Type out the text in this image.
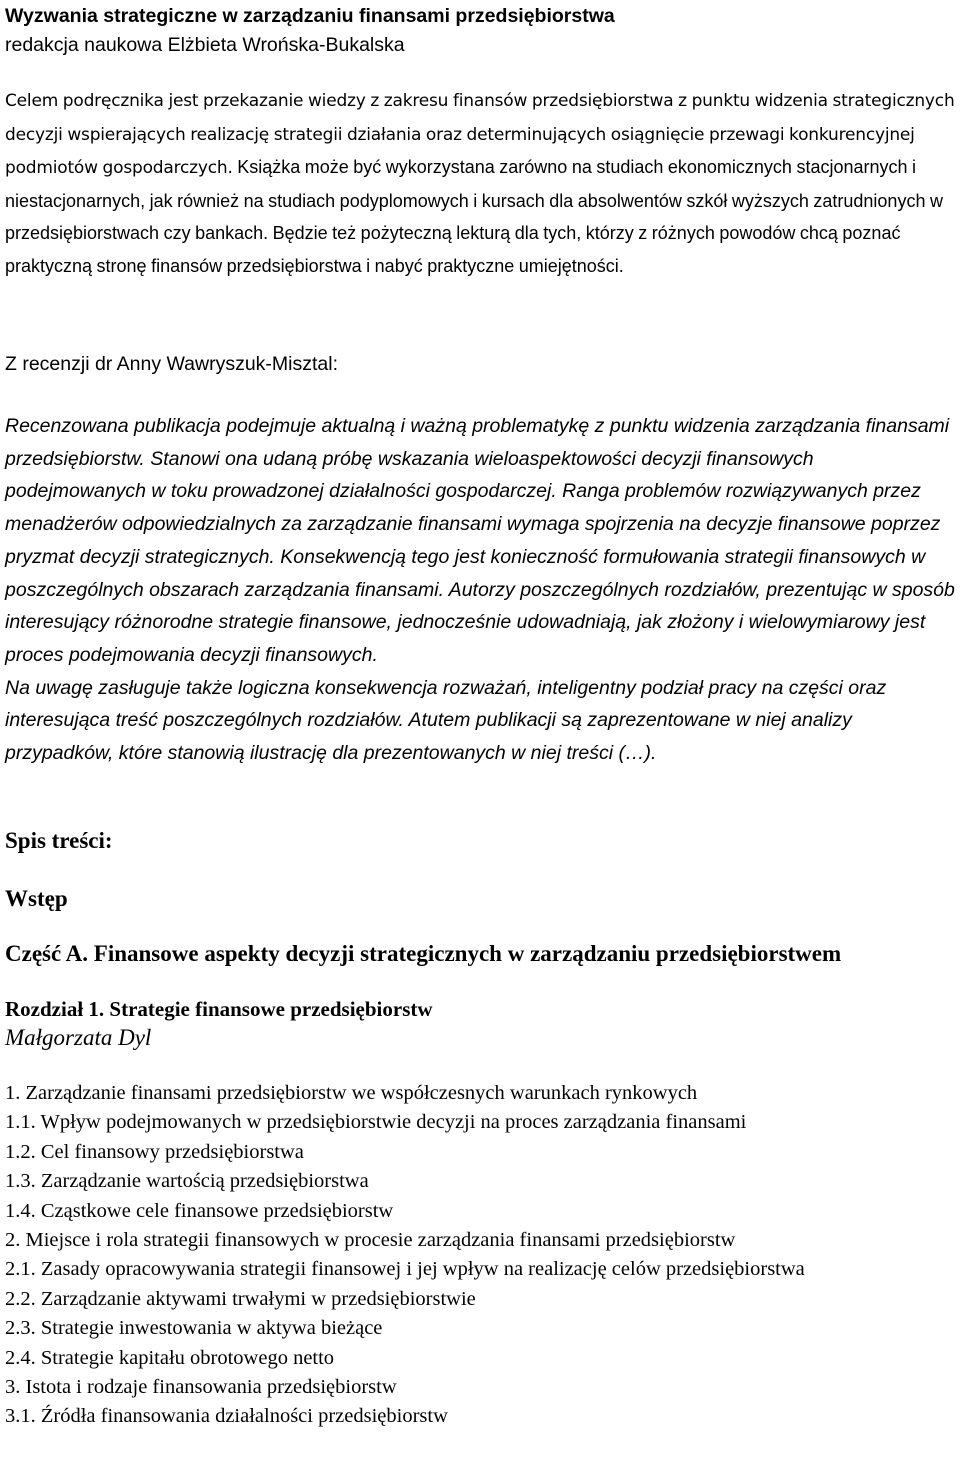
Wyzwania strategiczne w zarządzaniu finansami przedsiębiorstwa
redakcja naukowa Elżbieta Wrońska-Bukalska
Celem podręcznika jest przekazanie wiedzy z zakresu finansów przedsiębiorstwa z punktu widzenia strategicznych decyzji wspierających realizację strategii działania oraz determinujących osiągnięcie przewagi konkurencyjnej podmiotów gospodarczych. Książka może być wykorzystana zarówno na studiach ekonomicznych stacjonarnych i niestacjonarnych, jak również na studiach podyplomowych i kursach dla absolwentów szkół wyższych zatrudnionych w przedsiębiorstwach czy bankach. Będzie też pożyteczną lekturą dla tych, którzy z różnych powodów chcą poznać praktyczną stronę finansów przedsiębiorstwa i nabyć praktyczne umiejętności.
Z recenzji dr Anny Wawryszuk-Misztal:
Recenzowana publikacja podejmuje aktualną i ważną problematykę z punktu widzenia zarządzania finansami przedsiębiorstw. Stanowi ona udaną próbę wskazania wieloaspektowości decyzji finansowych podejmowanych w toku prowadzonej działalności gospodarczej. Ranga problemów rozwiązywanych przez menadżerów odpowiedzialnych za zarządzanie finansami wymaga spojrzenia na decyzje finansowe poprzez pryzmat decyzji strategicznych. Konsekwencją tego jest konieczność formułowania strategii finansowych w poszczególnych obszarach zarządzania finansami. Autorzy poszczególnych rozdziałów, prezentując w sposób interesujący różnorodne strategie finansowe, jednocześnie udowadniają, jak złożony i wielowymiarowy jest proces podejmowania decyzji finansowych.
Na uwagę zasługuje także logiczna konsekwencja rozważań, inteligentny podział pracy na części oraz interesująca treść poszczególnych rozdziałów. Atutem publikacji są zaprezentowane w niej analizy przypadków, które stanowią ilustrację dla prezentowanych w niej treści (…).
Spis treści:
Wstęp
Część A. Finansowe aspekty decyzji strategicznych w zarządzaniu przedsiębiorstwem
Rozdział 1. Strategie finansowe przedsiębiorstw
Małgorzata Dyl
1. Zarządzanie finansami przedsiębiorstw we współczesnych warunkach rynkowych
1.1. Wpływ podejmowanych w przedsiębiorstwie decyzji na proces zarządzania finansami
1.2. Cel finansowy przedsiębiorstwa
1.3. Zarządzanie wartością przedsiębiorstwa
1.4. Cząstkowe cele finansowe przedsiębiorstw
2. Miejsce i rola strategii finansowych w procesie zarządzania finansami przedsiębiorstw
2.1. Zasady opracowywania strategii finansowej i jej wpływ na realizację celów przedsiębiorstwa
2.2. Zarządzanie aktywami trwałymi w przedsiębiorstwie
2.3. Strategie inwestowania w aktywa bieżące
2.4. Strategie kapitału obrotowego netto
3. Istota i rodzaje finansowania przedsiębiorstw
3.1. Źródła finansowania działalności przedsiębiorstw
